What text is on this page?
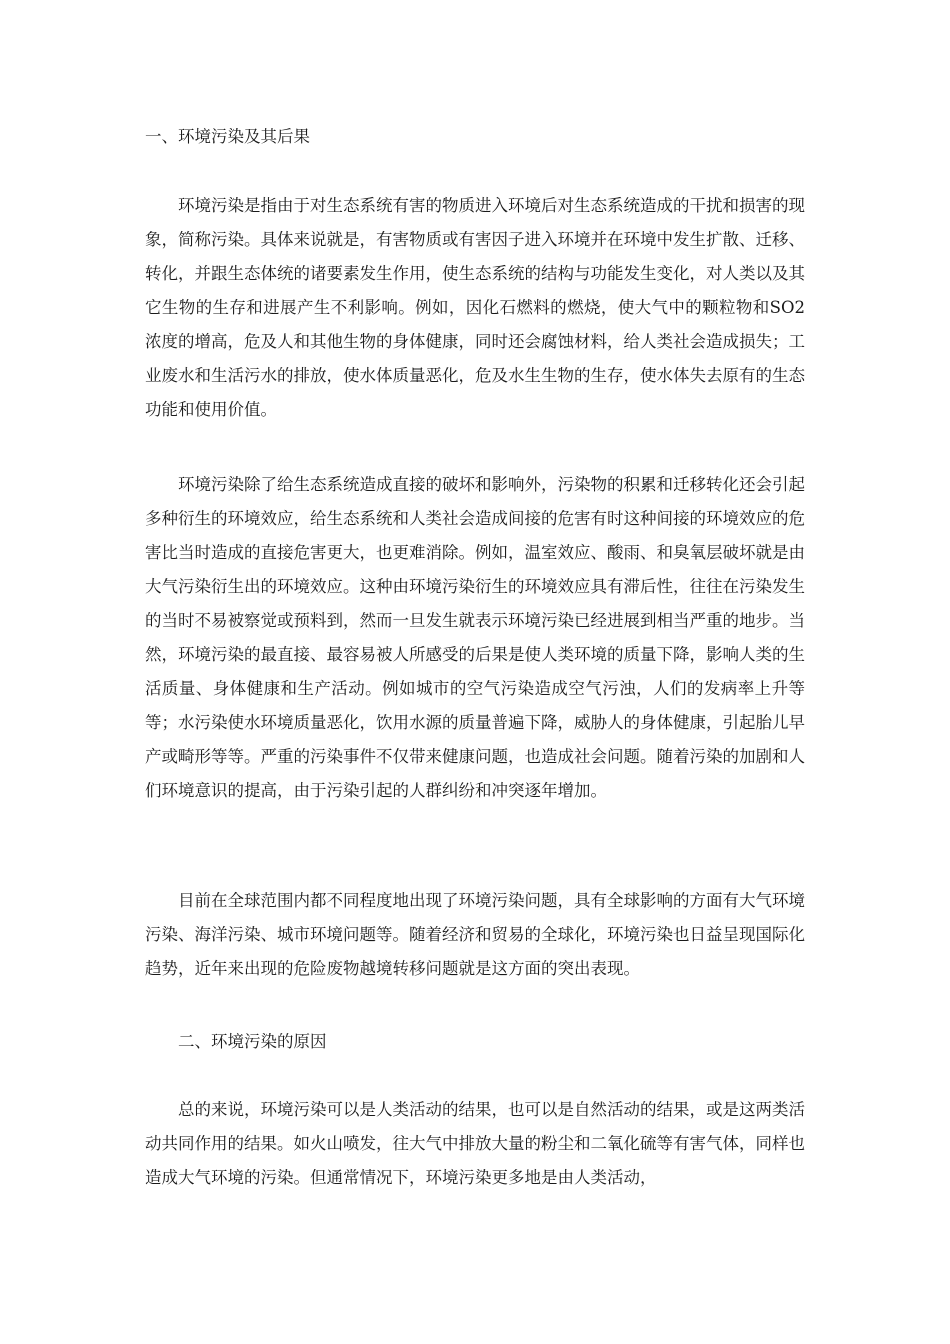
一、环境污染及其后果

环境污染是指由于对生态系统有害的物质进入环境后对生态系统造成的干扰和损害的现象，简称污染。具体来说就是，有害物质或有害因子进入环境并在环境中发生扩散、迁移、转化，并跟生态体统的诸要素发生作用，使生态系统的结构与功能发生变化，对人类以及其它生物的生存和进展产生不利影响。例如，因化石燃料的燃烧，使大气中的颗粒物和SO2浓度的增高，危及人和其他生物的身体健康，同时还会腐蚀材料，给人类社会造成损失；工业废水和生活污水的排放，使水体质量恶化，危及水生生物的生存，使水体失去原有的生态功能和使用价值。

环境污染除了给生态系统造成直接的破坏和影响外，污染物的积累和迁移转化还会引起多种衍生的环境效应，给生态系统和人类社会造成间接的危害有时这种间接的环境效应的危害比当时造成的直接危害更大，也更难消除。例如，温室效应、酸雨、和臭氧层破坏就是由大气污染衍生出的环境效应。这种由环境污染衍生的环境效应具有滞后性，往往在污染发生的当时不易被察觉或预料到，然而一旦发生就表示环境污染已经进展到相当严重的地步。当然，环境污染的最直接、最容易被人所感受的后果是使人类环境的质量下降，影响人类的生活质量、身体健康和生产活动。例如城市的空气污染造成空气污浊，人们的发病率上升等等；水污染使水环境质量恶化，饮用水源的质量普遍下降，威胁人的身体健康，引起胎儿早产或畸形等等。严重的污染事件不仅带来健康问题，也造成社会问题。随着污染的加剧和人们环境意识的提高，由于污染引起的人群纠纷和冲突逐年增加。

目前在全球范围内都不同程度地出现了环境污染问题，具有全球影响的方面有大气环境污染、海洋污染、城市环境问题等。随着经济和贸易的全球化，环境污染也日益呈现国际化趋势，近年来出现的危险废物越境转移问题就是这方面的突出表现。

二、环境污染的原因

总的来说，环境污染可以是人类活动的结果，也可以是自然活动的结果，或是这两类活动共同作用的结果。如火山喷发，往大气中排放大量的粉尘和二氧化硫等有害气体，同样也造成大气环境的污染。但通常情况下，环境污染更多地是由人类活动，
